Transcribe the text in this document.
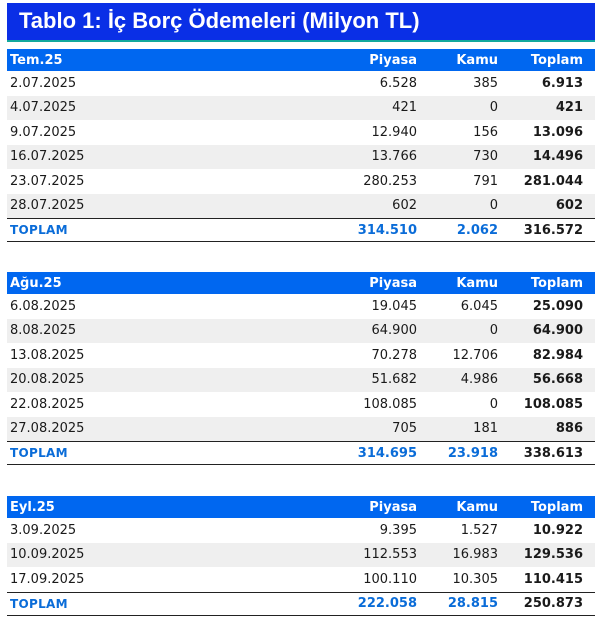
Tablo 1: İç Borç Ödemeleri (Milyon TL)
Tem.25	Piyasa	Kamu	Toplam
2.07.2025	6.528	385	6.913
4.07.2025	421	0	421
9.07.2025	12.940	156	13.096
16.07.2025	13.766	730	14.496
23.07.2025	280.253	791	281.044
28.07.2025	602	0	602
TOPLAM	314.510	2.062	316.572
Ağu.25	Piyasa	Kamu	Toplam
6.08.2025	19.045	6.045	25.090
8.08.2025	64.900	0	64.900
13.08.2025	70.278	12.706	82.984
20.08.2025	51.682	4.986	56.668
22.08.2025	108.085	0	108.085
27.08.2025	705	181	886
TOPLAM	314.695	23.918	338.613
Eyl.25	Piyasa	Kamu	Toplam
3.09.2025	9.395	1.527	10.922
10.09.2025	112.553	16.983	129.536
17.09.2025	100.110	10.305	110.415
TOPLAM	222.058	28.815	250.873
